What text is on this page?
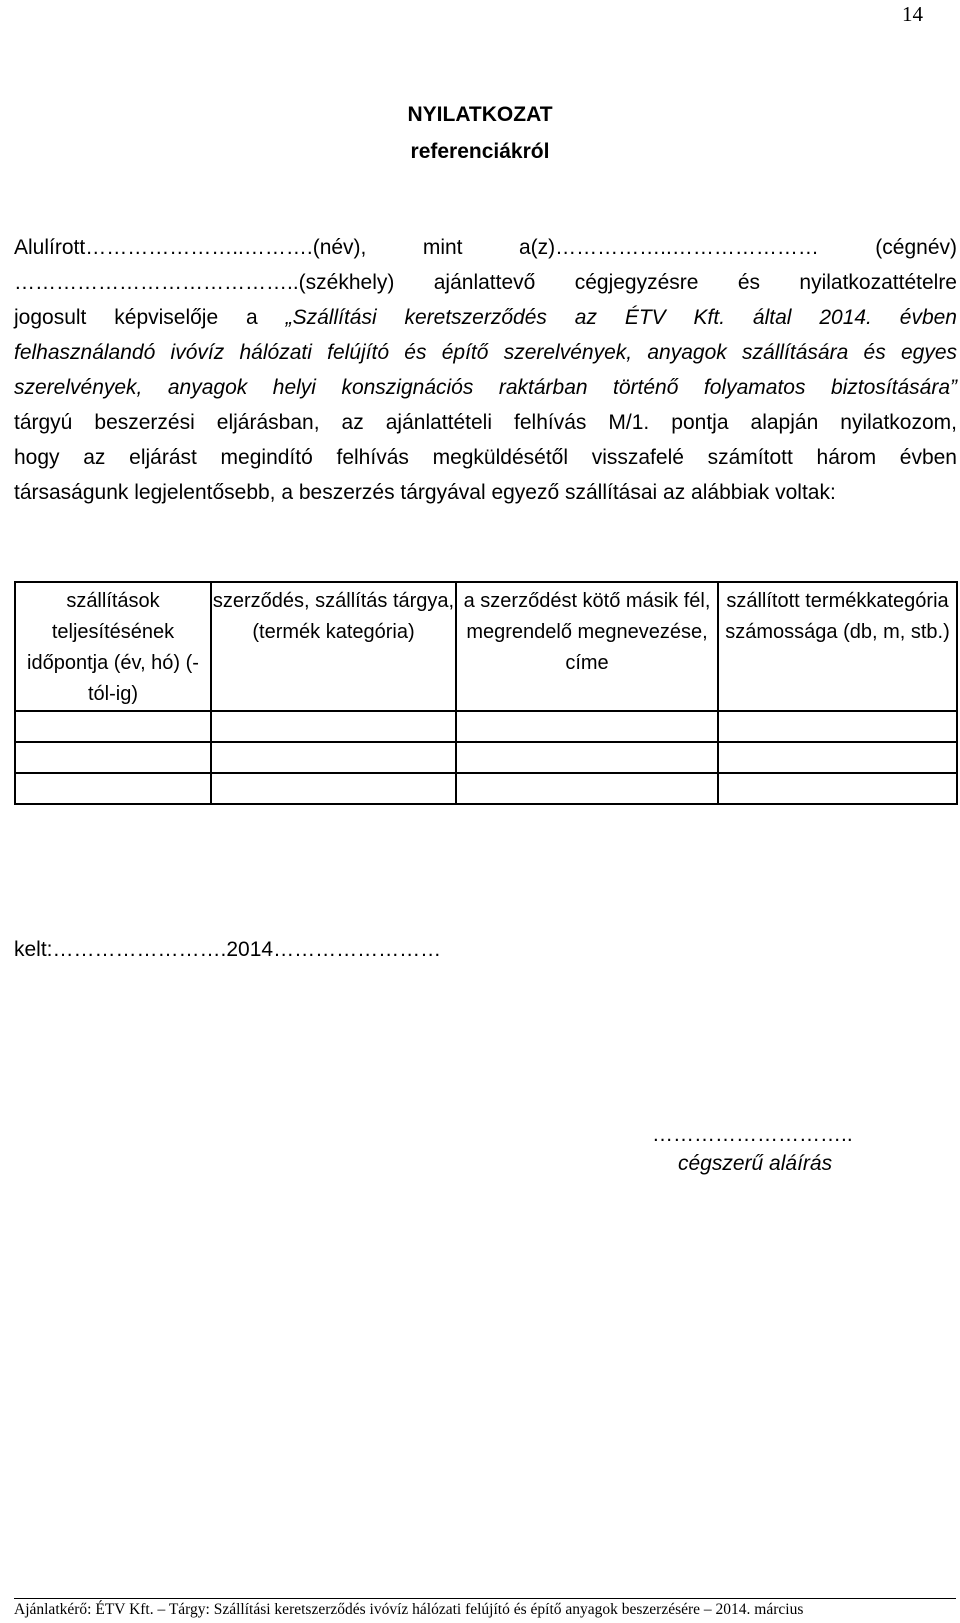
14
NYILATKOZAT
referenciákról
Alulírott…………………..……….(név), mint a(z)……………..………………… (cégnév)
…………………………………..(székhely) ajánlattevő cégjegyzésre és nyilatkozattételre
jogosult képviselője a „Szállítási keretszerződés az ÉTV Kft. által 2014. évben
felhasználandó ivóvíz hálózati felújító és építő szerelvények, anyagok szállítására és egyes
szerelvények, anyagok helyi konszignációs raktárban történő folyamatos biztosítására”
tárgyú beszerzési eljárásban, az ajánlattételi felhívás M/1. pontja alapján nyilatkozom,
hogy az eljárást megindító felhívás megküldésétől visszafelé számított három évben
társaságunk legjelentősebb, a beszerzés tárgyával egyező szállításai az alábbiak voltak:
szállítások teljesítésének időpontja (év, hó) (-tól-ig)	szerződés, szállítás tárgya, (termék kategória)	a szerződést kötő másik fél, megrendelő megnevezése, címe	szállított termékkategória számossága (db, m, stb.)

kelt:…………………….2014……………………
………………………..
cégszerű aláírás
Ajánlatkérő: ÉTV Kft. – Tárgy: Szállítási keretszerződés ivóvíz hálózati felújító és építő anyagok beszerzésére – 2014. március
